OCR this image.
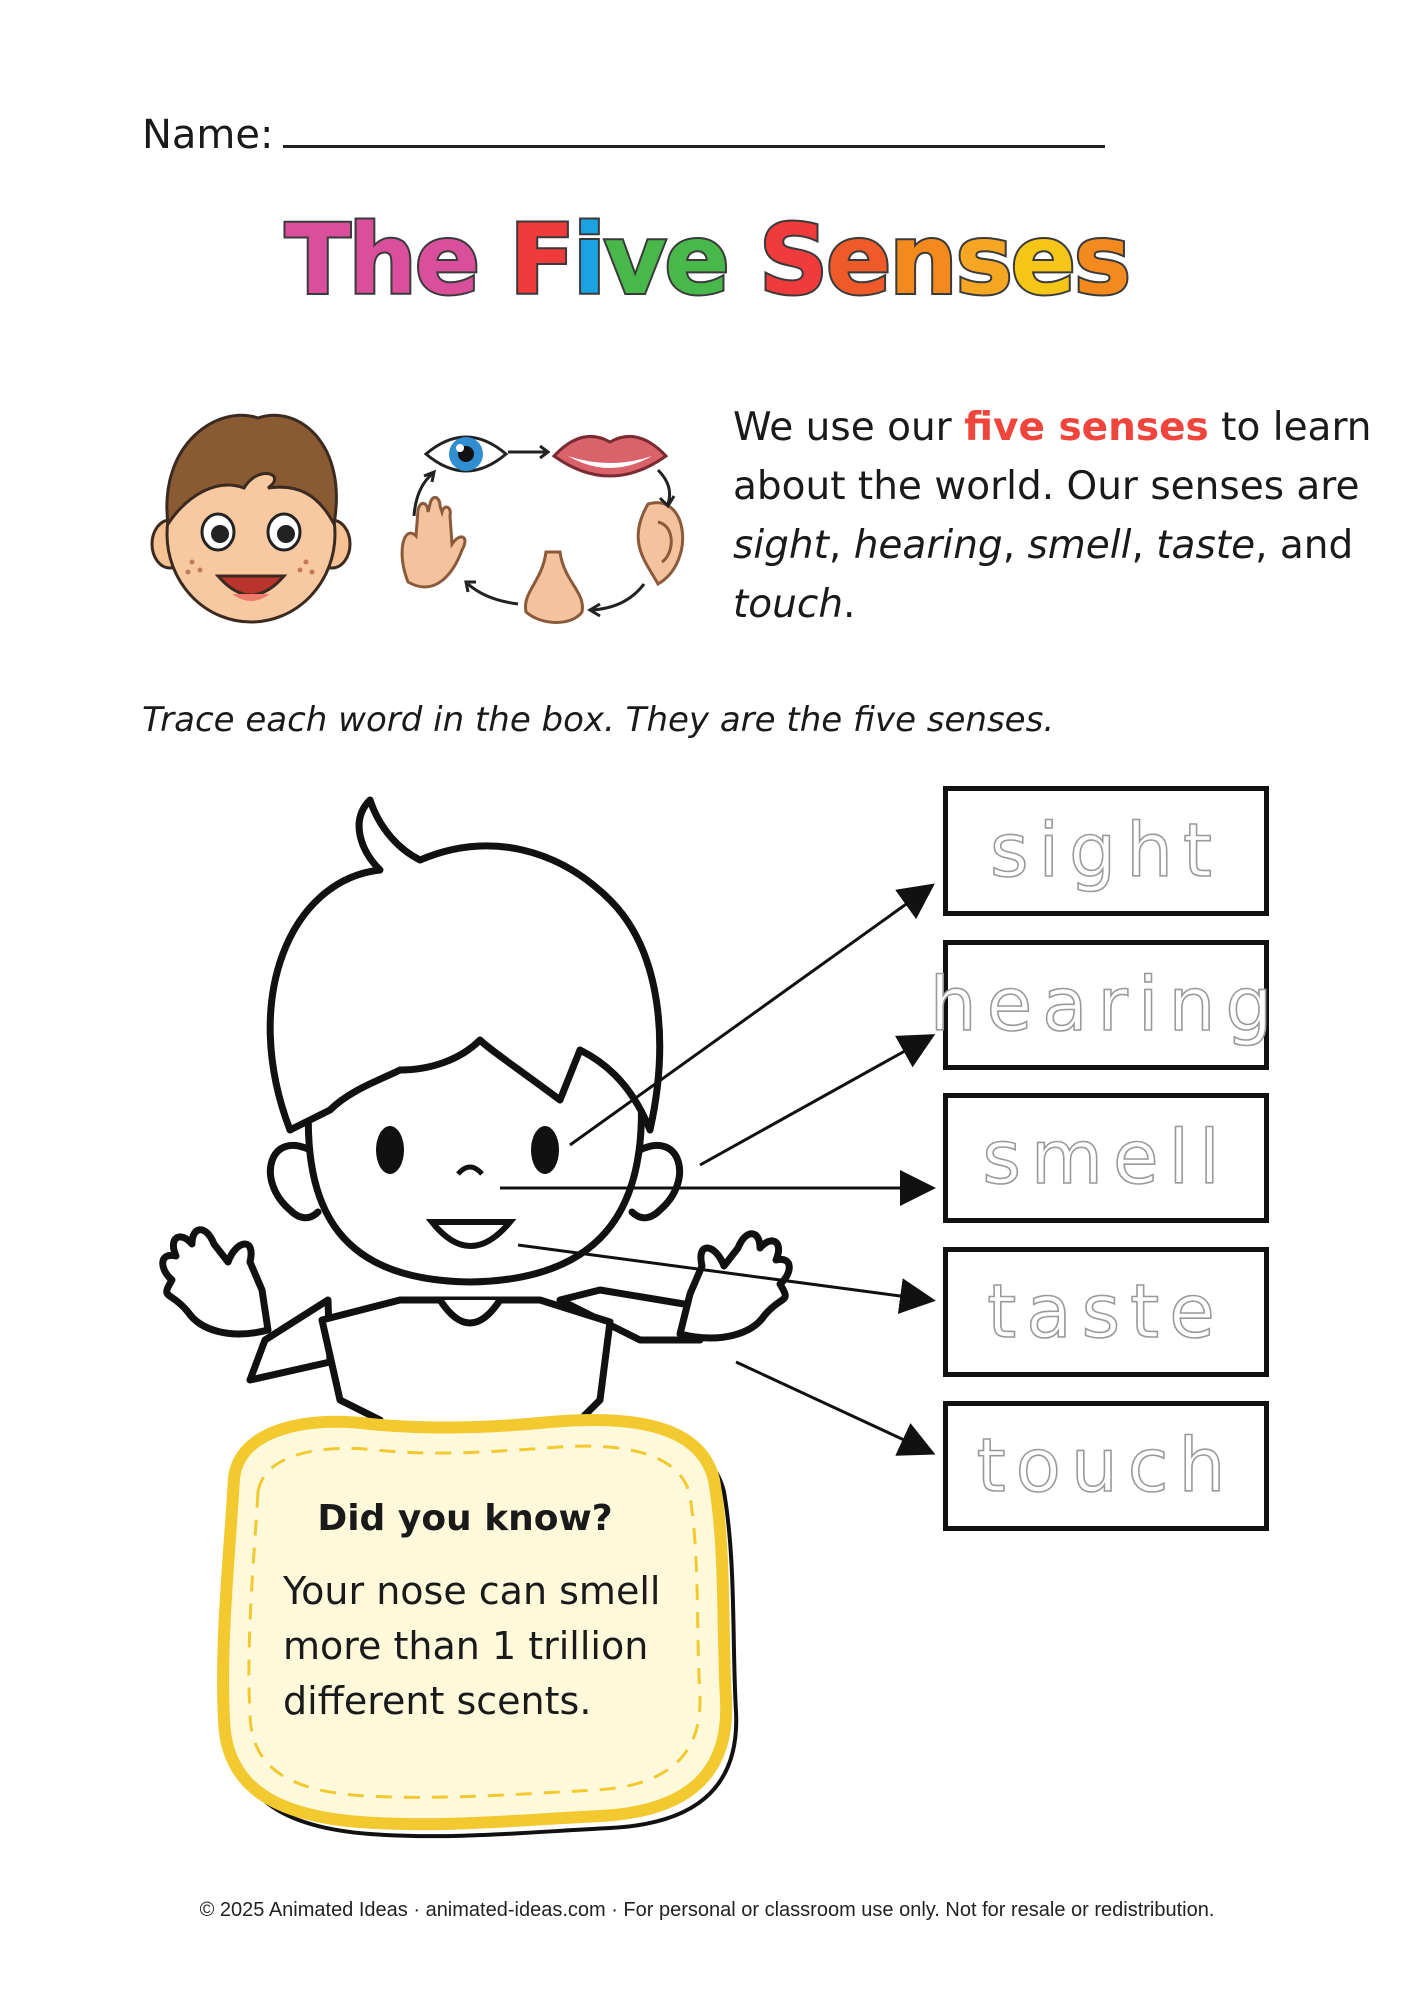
Name:
The Five Senses
We use our five senses to learn about the world. Our senses are sight, hearing, smell, taste, and touch.
Trace each word in the box. They are the five senses.
sight
hearing
smell
taste
touch
Did you know?
Your nose can smell more than 1 trillion different scents.
© 2025 Animated Ideas · animated-ideas.com · For personal or classroom use only. Not for resale or redistribution.
